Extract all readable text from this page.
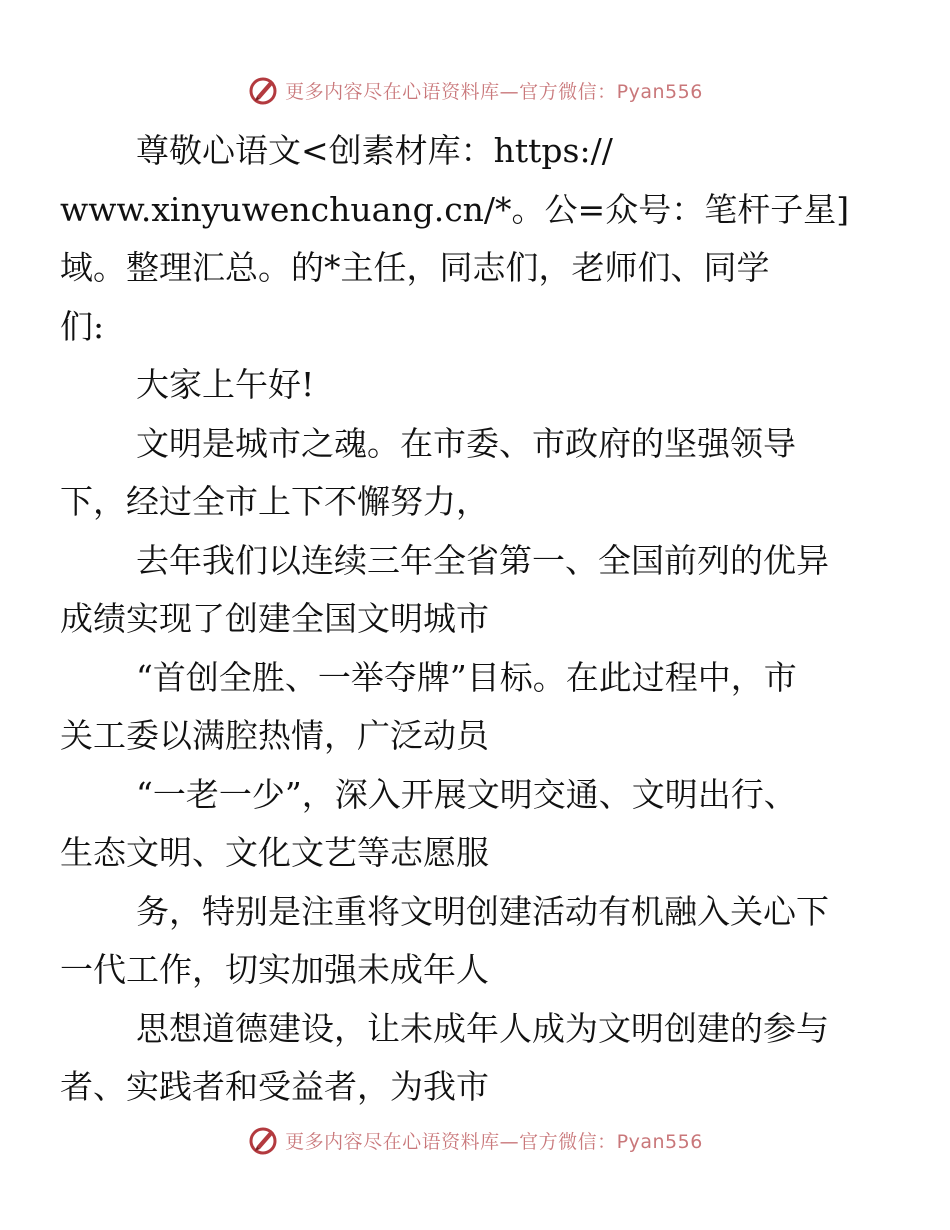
更多内容尽在心语资料库—官方微信：Pyan556

尊敬心语文<创素材库：https://
www.xinyuwenchuang.cn/*。公=众号：笔杆子星]
域。整理汇总。的*主任，同志们，老师们、同学
们:

大家上午好!

文明是城市之魂。在市委、市政府的坚强领导
下，经过全市上下不懈努力，

去年我们以连续三年全省第一、全国前列的优异
成绩实现了创建全国文明城市

“首创全胜、一举夺牌”目标。在此过程中，市
关工委以满腔热情，广泛动员

“一老一少”，深入开展文明交通、文明出行、
生态文明、文化文艺等志愿服

务，特别是注重将文明创建活动有机融入关心下
一代工作，切实加强未成年人

思想道德建设，让未成年人成为文明创建的参与
者、实践者和受益者，为我市

更多内容尽在心语资料库—官方微信：Pyan556
